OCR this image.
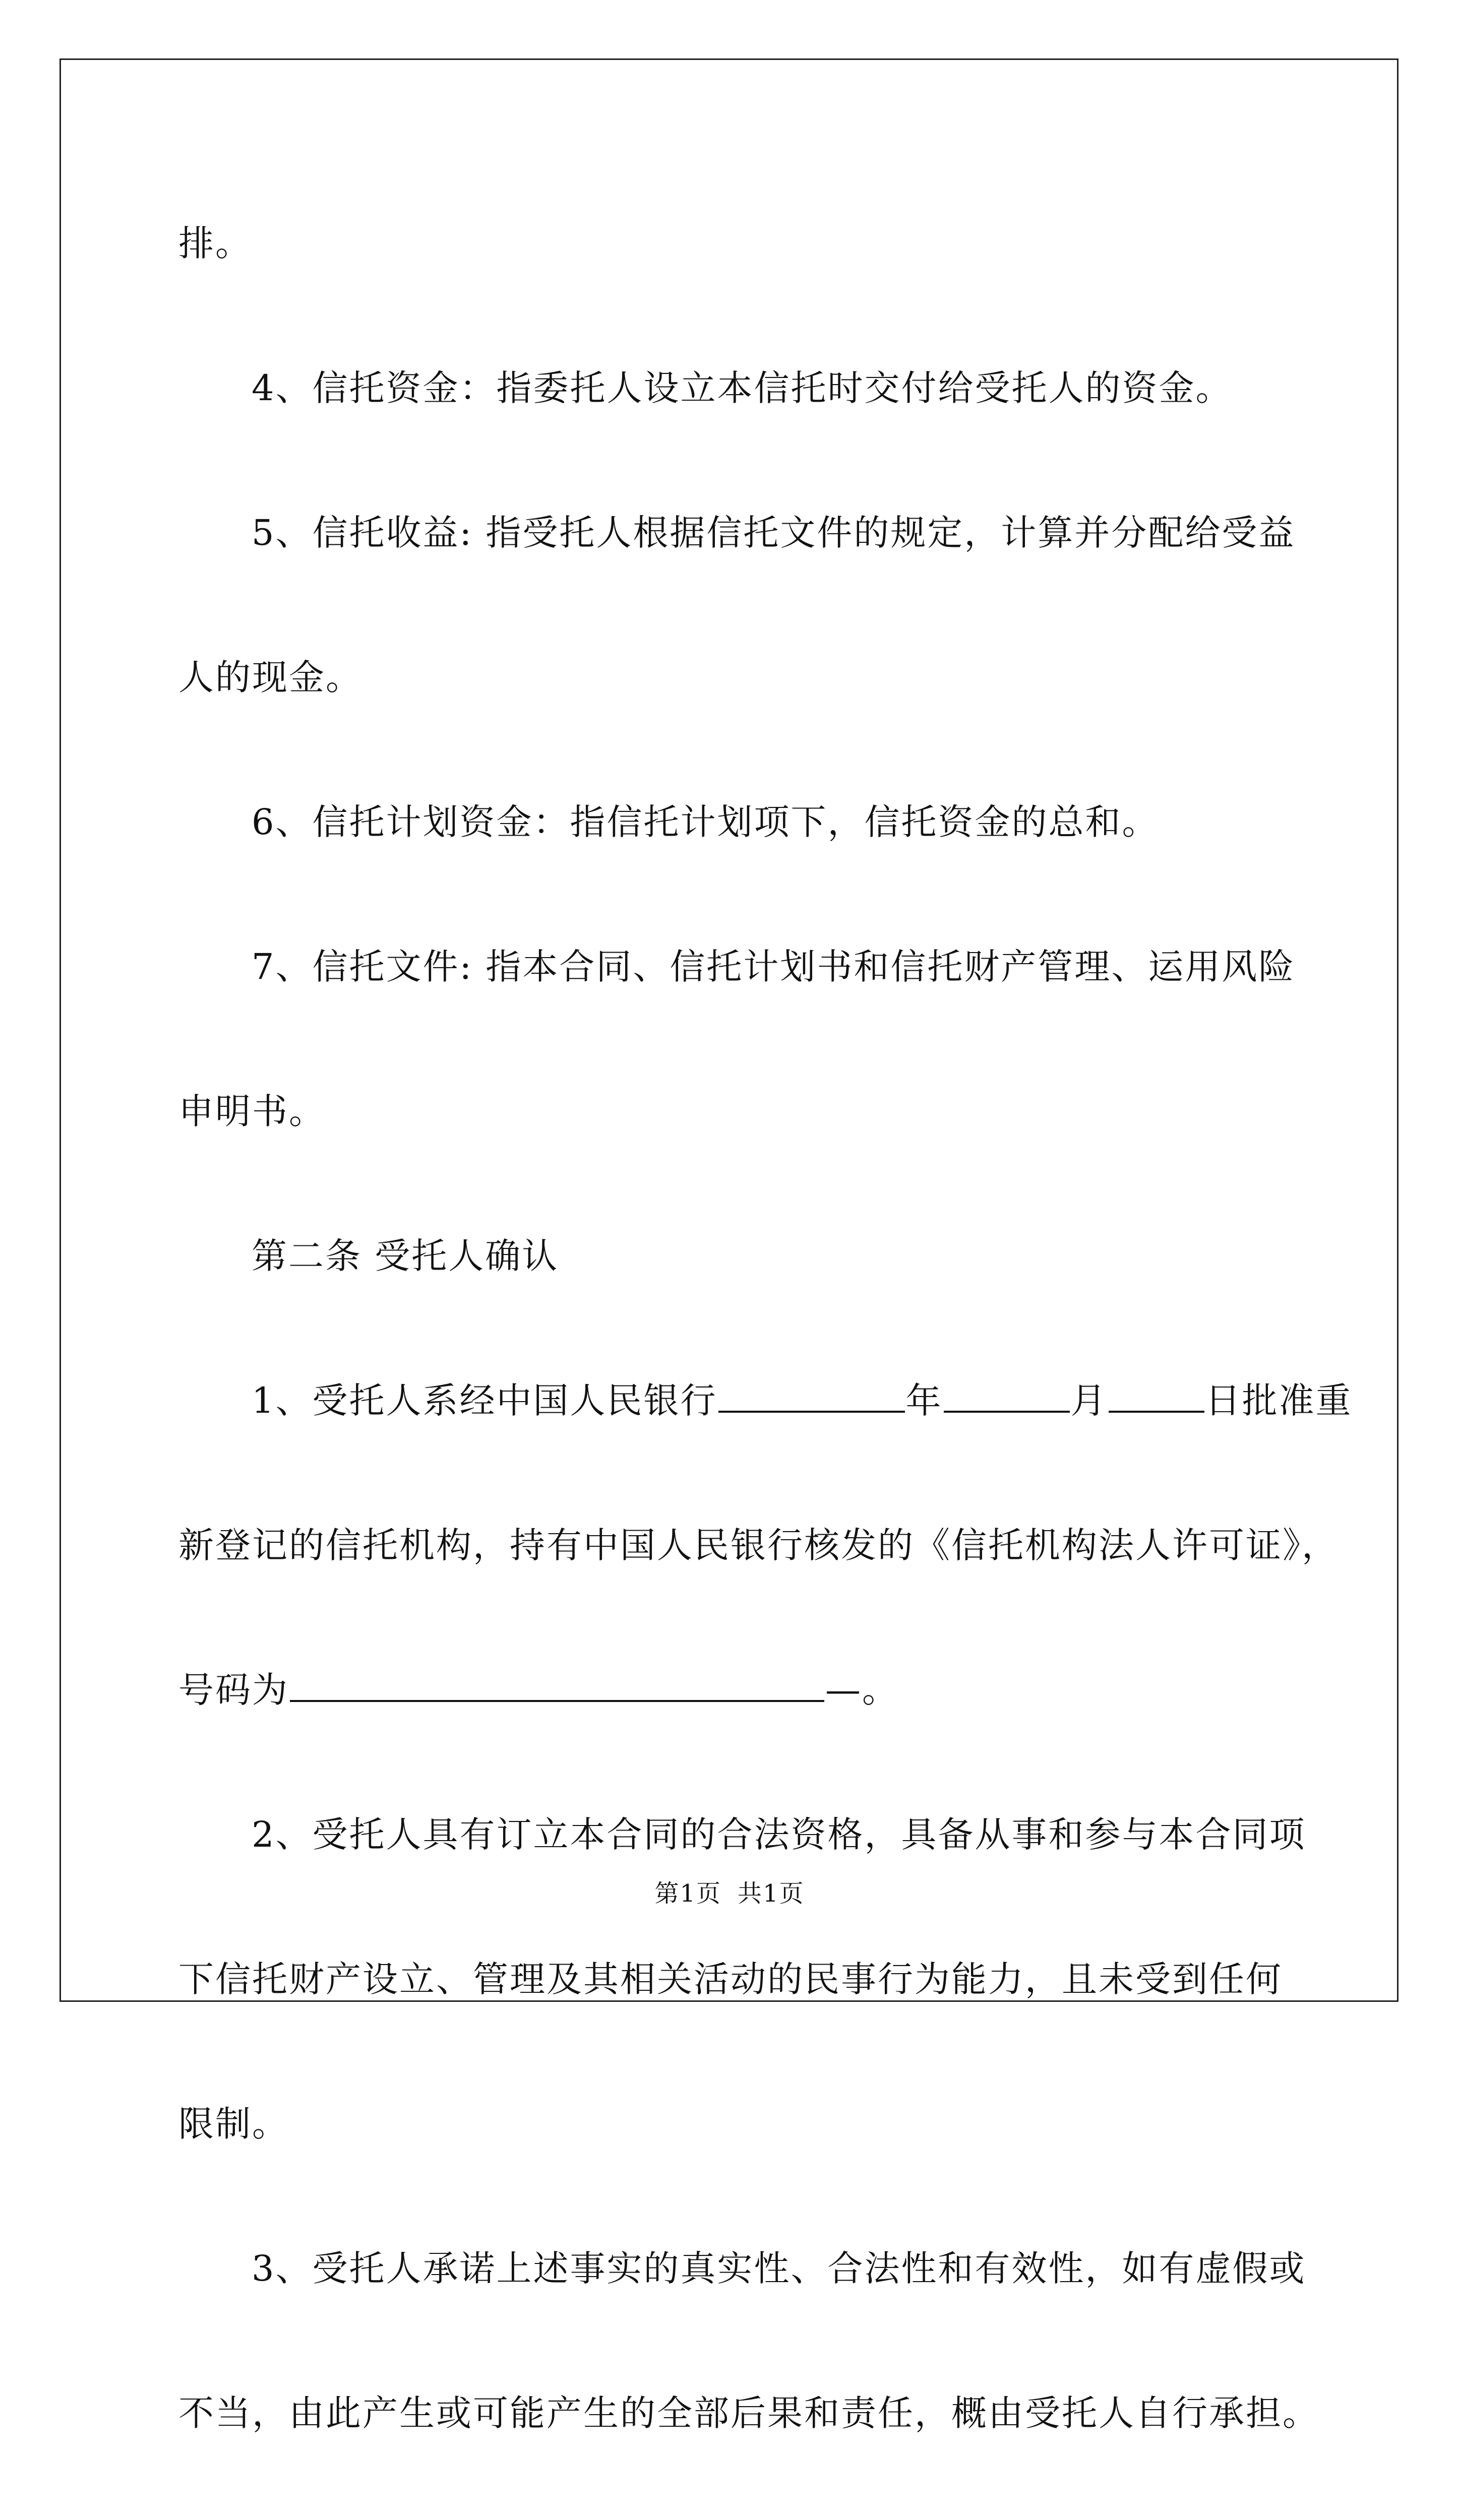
排。

4、信托资金：指委托人设立本信托时交付给受托人的资金。

5、信托收益: 指受托人根据信托文件的规定，计算并分配给受益

人的现金。

6、信托计划资金：指信托计划项下，信托资金的总和。

7、信托文件: 指本合同、信托计划书和信托财产管理、运用风险

申明书。

第二条 受托人确认

1、受托人系经中国人民银行	年	月	日批准重

新登记的信托机构，持有中国人民银行核发的《信托机构法人许可证》，

号码为	—。

2、受托人具有订立本合同的合法资格，具备从事和参与本合同项

下信托财产设立、管理及其相关活动的民事行为能力，且未受到任何

限制。

3、受托人承诺上述事实的真实性、合法性和有效性，如有虚假或

不当，由此产生或可能产生的全部后果和责任，概由受托人自行承担。

第1页 共1页
